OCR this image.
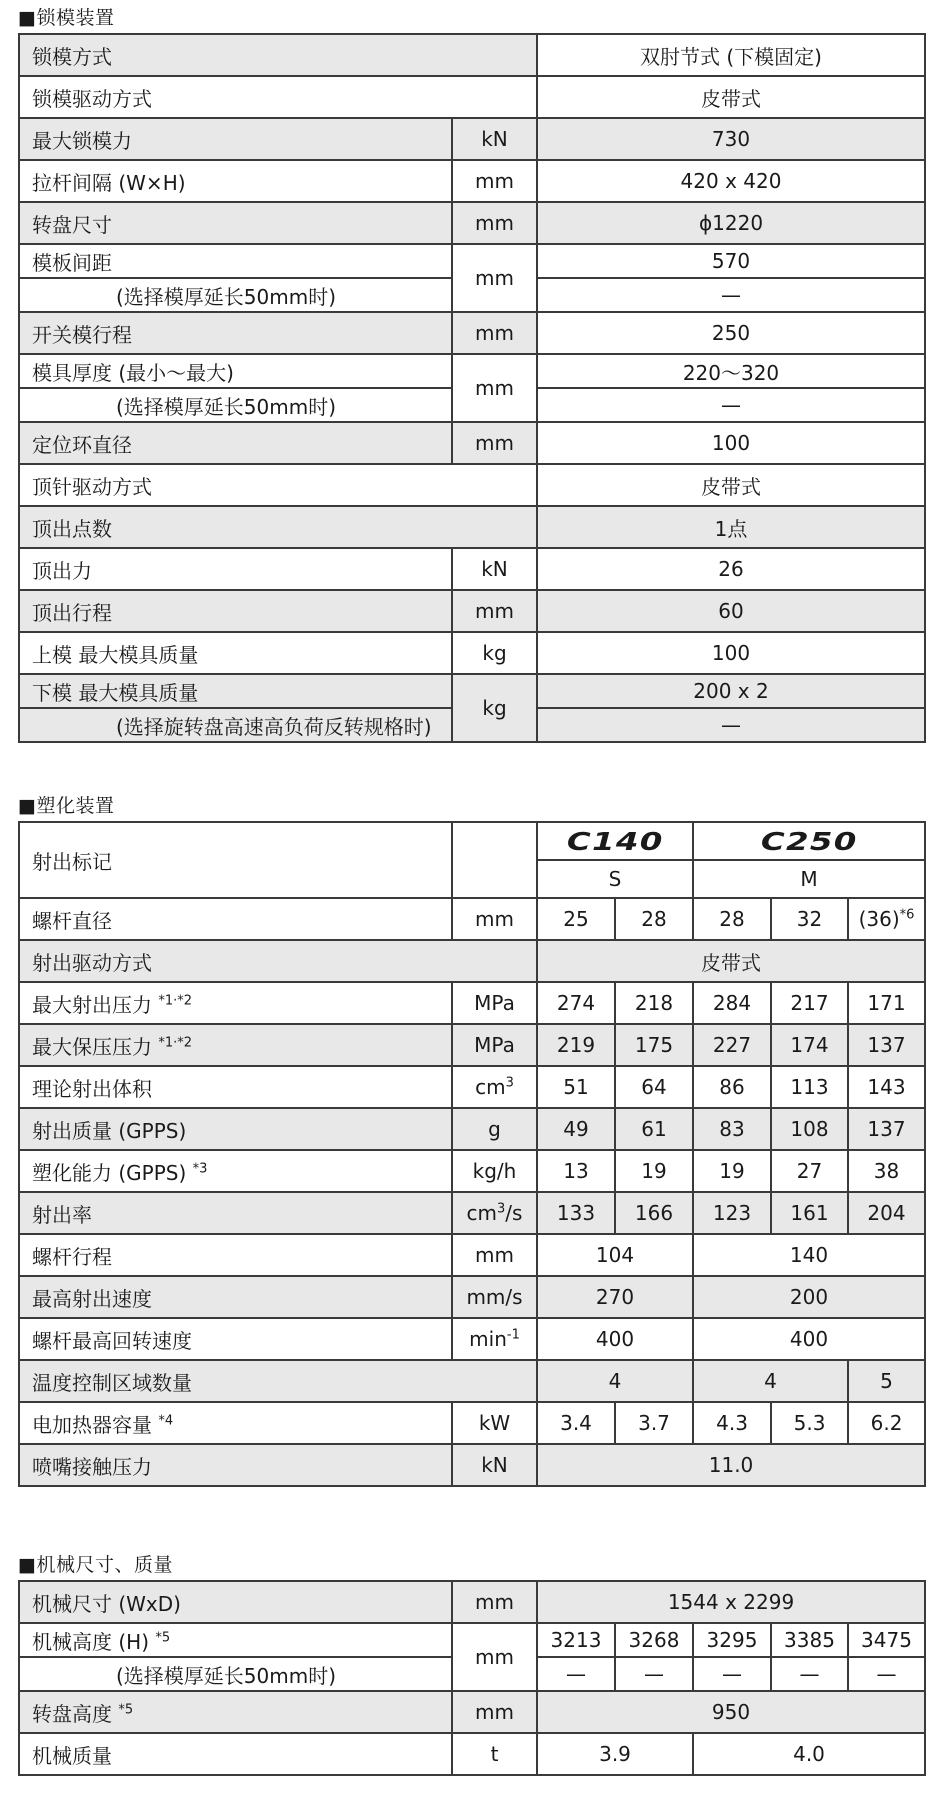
■锁模装置
锁模方式		双肘节式 (下模固定)
锁模驱动方式		皮带式
最大锁模力	kN	730
拉杆间隔 (W×H)	mm	420 x 420
转盘尺寸	mm	ϕ1220
模板间距	mm	570
(选择模厚延长50mm时)		—
开关模行程	mm	250
模具厚度 (最小～最大)	mm	220～320
(选择模厚延长50mm时)		—
定位环直径	mm	100
顶针驱动方式		皮带式
顶出点数		1点
顶出力	kN	26
顶出行程	mm	60
上模 最大模具质量	kg	100
下模 最大模具质量	kg	200 x 2
(选择旋转盘高速高负荷反转规格时)		—
■塑化装置
射出标记		C140		C250		
		S		M		
螺杆直径	mm	25	28	28	32	$(36)^{*6}$
射出驱动方式		皮带式				
最大射出压力 $^{*1\cdot*2}$	MPa	274	218	284	217	171
最大保压压力 $^{*1\cdot*2}$	MPa	219	175	227	174	137
理论射出体积	$cm^3$	51	64	86	113	143
射出质量 (GPPS)	g	49	61	83	108	137
塑化能力 (GPPS) $^{*3}$	kg/h	13	19	19	27	38
射出率	$cm^3/s$	133	166	123	161	204
螺杆行程	mm	104		140		
最高射出速度	mm/s	270		200		
螺杆最高回转速度	$\min^{-1}$	400		400		
温度控制区域数量		4		4		5
电加热器容量 $^{*4}$	kW	3.4	3.7	4.3	5.3	6.2
喷嘴接触压力	kN	11.0				
■机械尺寸、质量
机械尺寸 (WxD)	mm	1544 x 2299				
机械高度 (H) $^{*5}$	mm	3213	3268	3295	3385	3475
(选择模厚延长50mm时)		—	—	—	—	—
转盘高度 $^{*5}$	mm	950				
机械质量	t	3.9		4.0		
